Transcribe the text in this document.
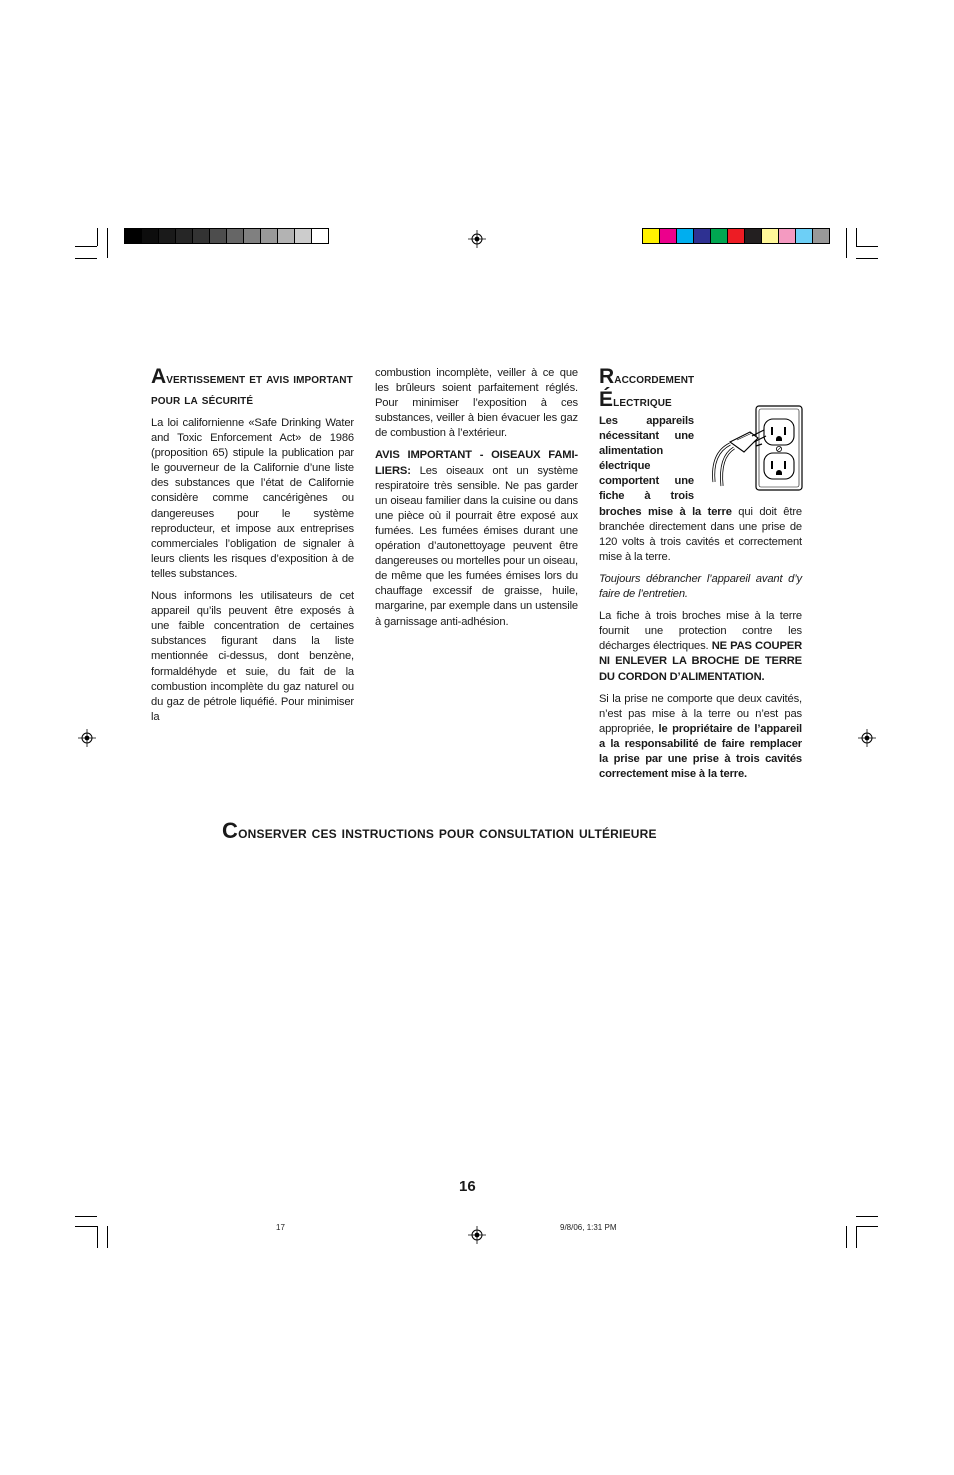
Avertissement et avis important pour la sécurité

La loi californienne «Safe Drinking Water and Toxic Enforcement Act» de 1986 (proposition 65) stipule la publication par le gouverneur de la Californie d’une liste des substances que l’état de Californie considère comme cancérigènes ou dangereuses pour le système reproducteur, et impose aux entreprises commerciales l’obligation de signaler à leurs clients les risques d’exposition à de telles substances.

Nous informons les utilisateurs de cet appareil qu’ils peuvent être exposés à une faible concentration de certaines substances figurant dans la liste mentionnée ci-dessus, dont benzène, formaldéhyde et suie, du fait de la combustion incomplète du gaz naturel ou du gaz de pétrole liquéfié. Pour minimiser la

combustion incomplète, veiller à ce que les brûleurs soient parfaitement réglés. Pour minimiser l’exposition à ces substances, veiller à bien évacuer les gaz de combustion à l’extérieur.

AVIS IMPORTANT - OISEAUX FAMI-LIERS: Les oiseaux ont un système respiratoire très sensible. Ne pas garder un oiseau familier dans la cuisine ou dans une pièce où il pourrait être exposé aux fumées. Les fumées émises durant une opération d’autonettoyage peuvent être dangereuses ou mortelles pour un oiseau, de même que les fumées émises lors du chauffage excessif de graisse, huile, margarine, par exemple dans un ustensile à garnissage anti-adhésion.

Raccordement
Électrique

Les appareils nécessitant une alimentation électrique comportent une fiche à trois broches mise à la terre qui doit être branchée directement dans une prise de 120 volts à trois cavités et correctement mise à la terre.

Toujours débrancher l’appareil avant d’y faire de l’entretien.

La fiche à trois broches mise à la terre fournit une protection contre les décharges électriques. NE PAS COUPER NI ENLEVER LA BROCHE DE TERRE DU CORDON D’ALIMENTATION.

Si la prise ne comporte que deux cavités, n’est pas mise à la terre ou n’est pas appropriée, le propriétaire de l’appareil a la responsabilité de faire remplacer la prise par une prise à trois cavités correctement mise à la terre.

Conserver ces instructions pour consultation ultérieure
16
17	9/8/06, 1:31 PM
